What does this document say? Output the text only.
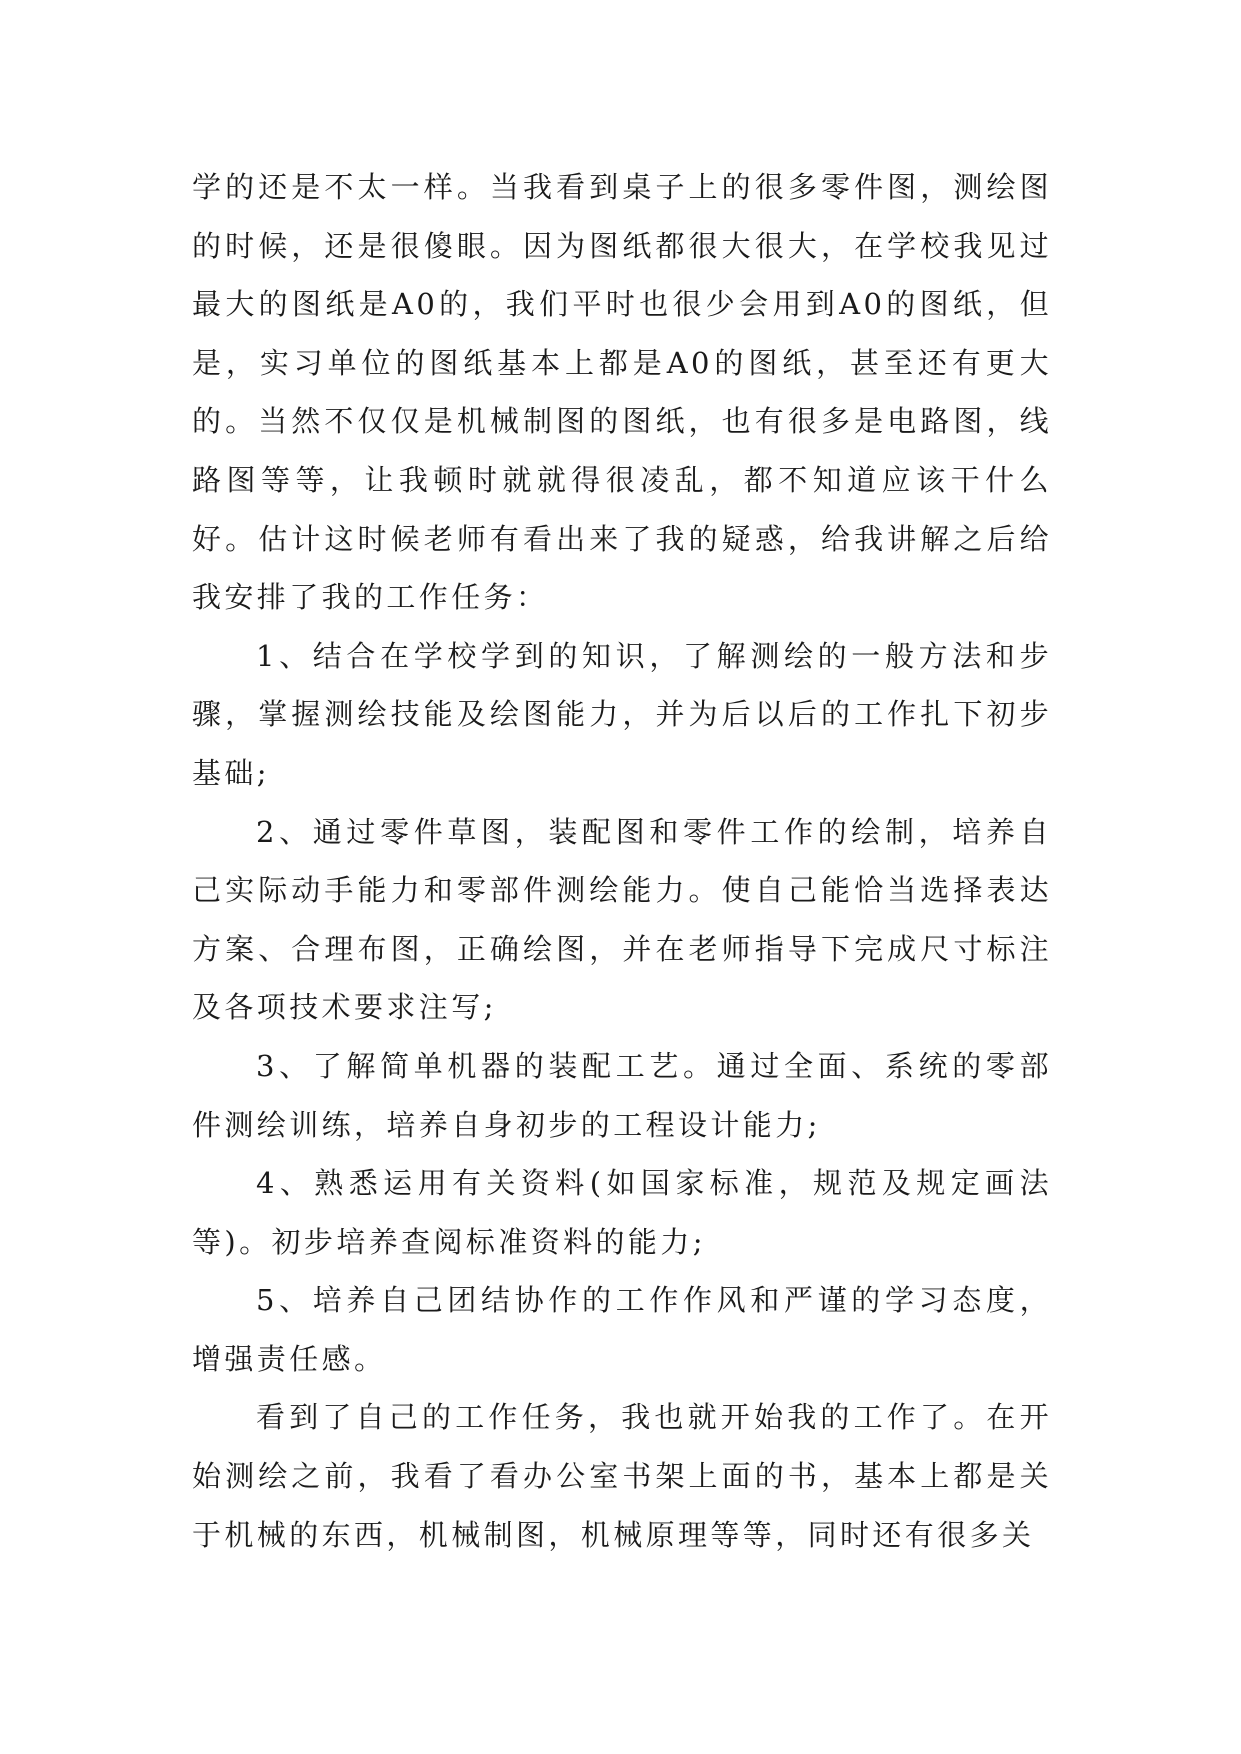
学的还是不太一样。当我看到桌子上的很多零件图，测绘图的时候，还是很傻眼。因为图纸都很大很大，在学校我见过最大的图纸是A0的，我们平时也很少会用到A0的图纸，但是，实习单位的图纸基本上都是A0的图纸，甚至还有更大的。当然不仅仅是机械制图的图纸，也有很多是电路图，线路图等等，让我顿时就就得很凌乱，都不知道应该干什么好。估计这时候老师有看出来了我的疑惑，给我讲解之后给我安排了我的工作任务：

1、结合在学校学到的知识，了解测绘的一般方法和步骤，掌握测绘技能及绘图能力，并为后以后的工作扎下初步基础;

2、通过零件草图，装配图和零件工作的绘制，培养自己实际动手能力和零部件测绘能力。使自己能恰当选择表达方案、合理布图，正确绘图，并在老师指导下完成尺寸标注及各项技术要求注写;

3、了解简单机器的装配工艺。通过全面、系统的零部件测绘训练，培养自身初步的工程设计能力;

4、熟悉运用有关资料(如国家标准，规范及规定画法等)。初步培养查阅标准资料的能力;

5、培养自己团结协作的工作作风和严谨的学习态度，增强责任感。

看到了自己的工作任务，我也就开始我的工作了。在开始测绘之前，我看了看办公室书架上面的书，基本上都是关于机械的东西，机械制图，机械原理等等，同时还有很多关
